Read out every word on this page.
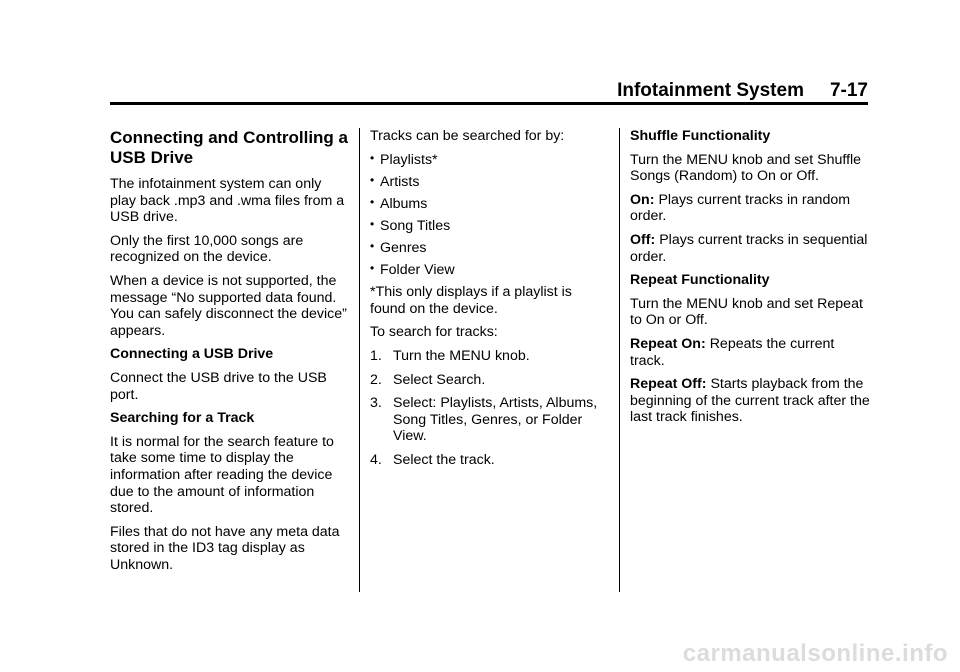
Infotainment System 7-17
Connecting and Controlling a USB Drive

The infotainment system can only play back .mp3 and .wma files from a USB drive.

Only the first 10,000 songs are recognized on the device.

When a device is not supported, the message “No supported data found. You can safely disconnect the device” appears.

Connecting a USB Drive

Connect the USB drive to the USB port.

Searching for a Track

It is normal for the search feature to take some time to display the information after reading the device due to the amount of information stored.

Files that do not have any meta data stored in the ID3 tag display as Unknown.

Tracks can be searched for by:

• Playlists*
• Artists
• Albums
• Song Titles
• Genres
• Folder View

*This only displays if a playlist is found on the device.

To search for tracks:

1. Turn the MENU knob.
2. Select Search.
3. Select: Playlists, Artists, Albums, Song Titles, Genres, or Folder View.
4. Select the track.
Shuffle Functionality

Turn the MENU knob and set Shuffle Songs (Random) to On or Off.

On: Plays current tracks in random order.

Off: Plays current tracks in sequential order.

Repeat Functionality

Turn the MENU knob and set Repeat to On or Off.

Repeat On: Repeats the current track.

Repeat Off: Starts playback from the beginning of the current track after the last track finishes.

carmanualsonline.info
